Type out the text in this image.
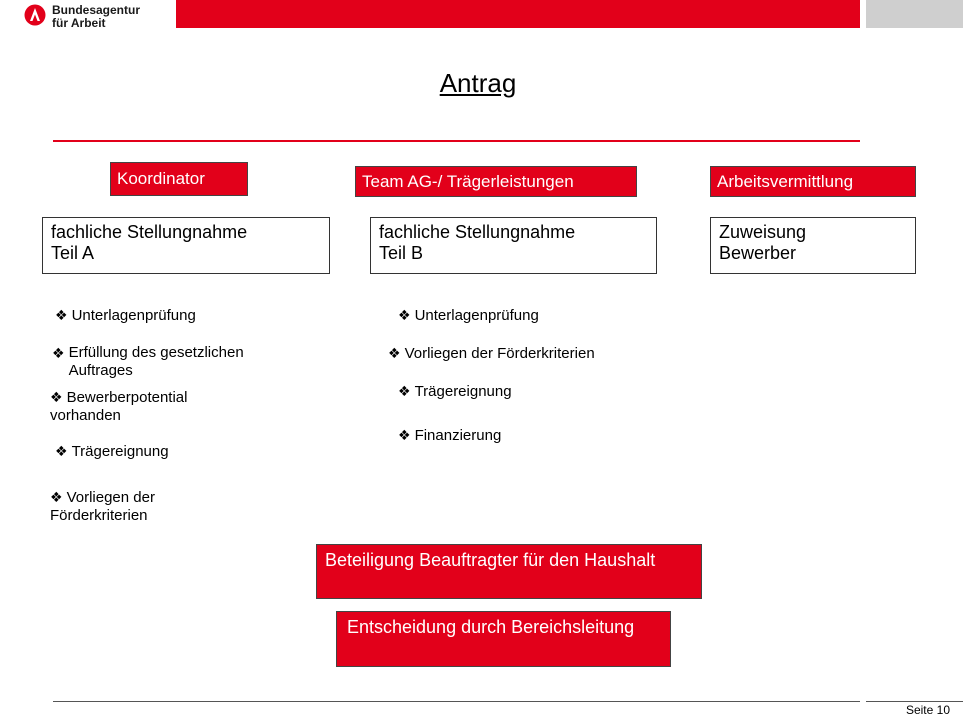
Bundesagentur
für Arbeit
Antrag
Koordinator	Team AG-/ Trägerleistungen	Arbeitsvermittlung
fachliche Stellungnahme
Teil A
fachliche Stellungnahme
Teil B
Zuweisung
Bewerber
❖ Unterlagenprüfung
❖ Erfüllung des gesetzlichen Auftrages
❖ Bewerberpotential vorhanden
❖ Trägereignung
❖ Vorliegen der Förderkriterien
❖ Unterlagenprüfung
❖ Vorliegen der Förderkriterien
❖ Trägereignung
❖ Finanzierung
Beteiligung Beauftragter für den Haushalt
Entscheidung durch Bereichsleitung
Seite 10
